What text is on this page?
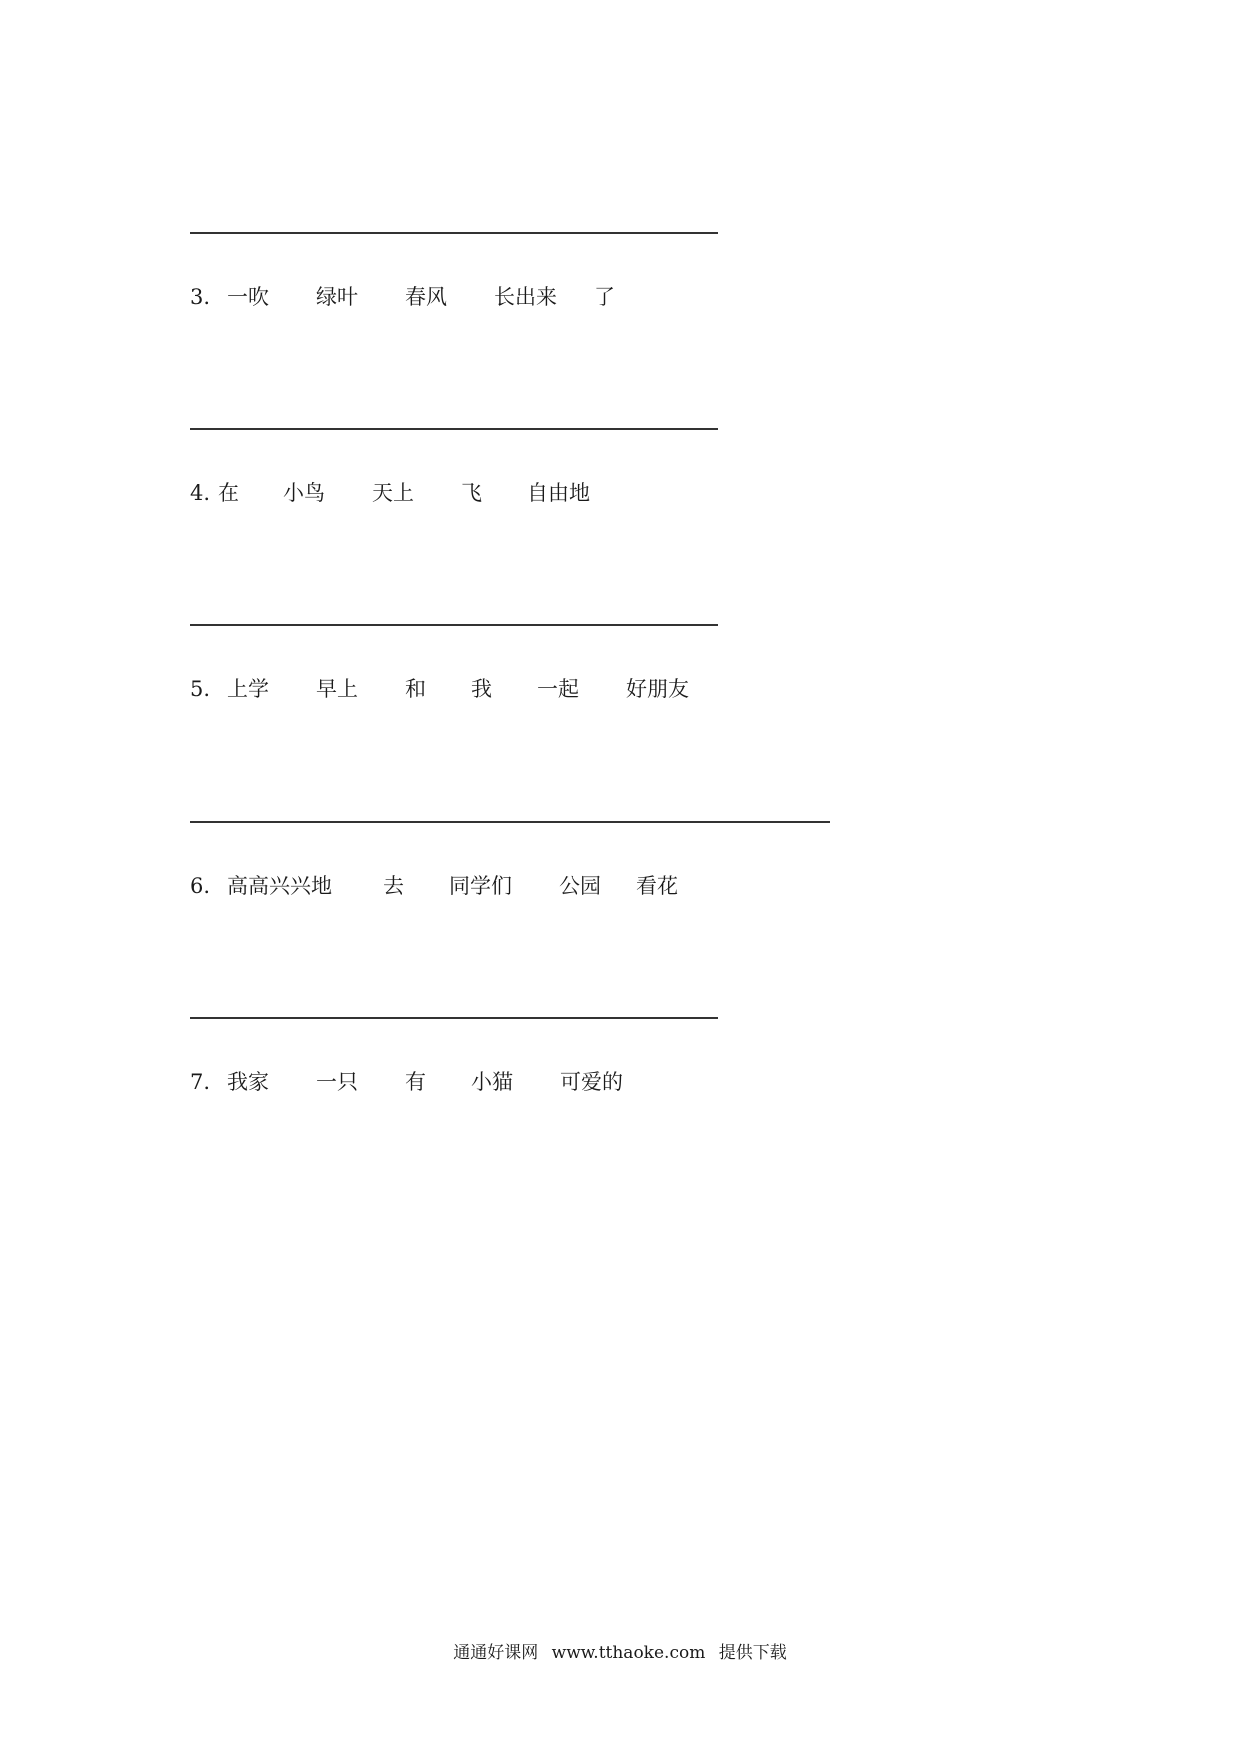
3. 一吹 绿叶 春风 长出来 了
4. 在 小鸟 天上 飞 自由地
5. 上学 早上 和 我 一起 好朋友
6. 高高兴兴地 去 同学们 公园 看花
7. 我家 一只 有 小猫 可爱的
通通好课网 www.tthaoke.com 提供下载
